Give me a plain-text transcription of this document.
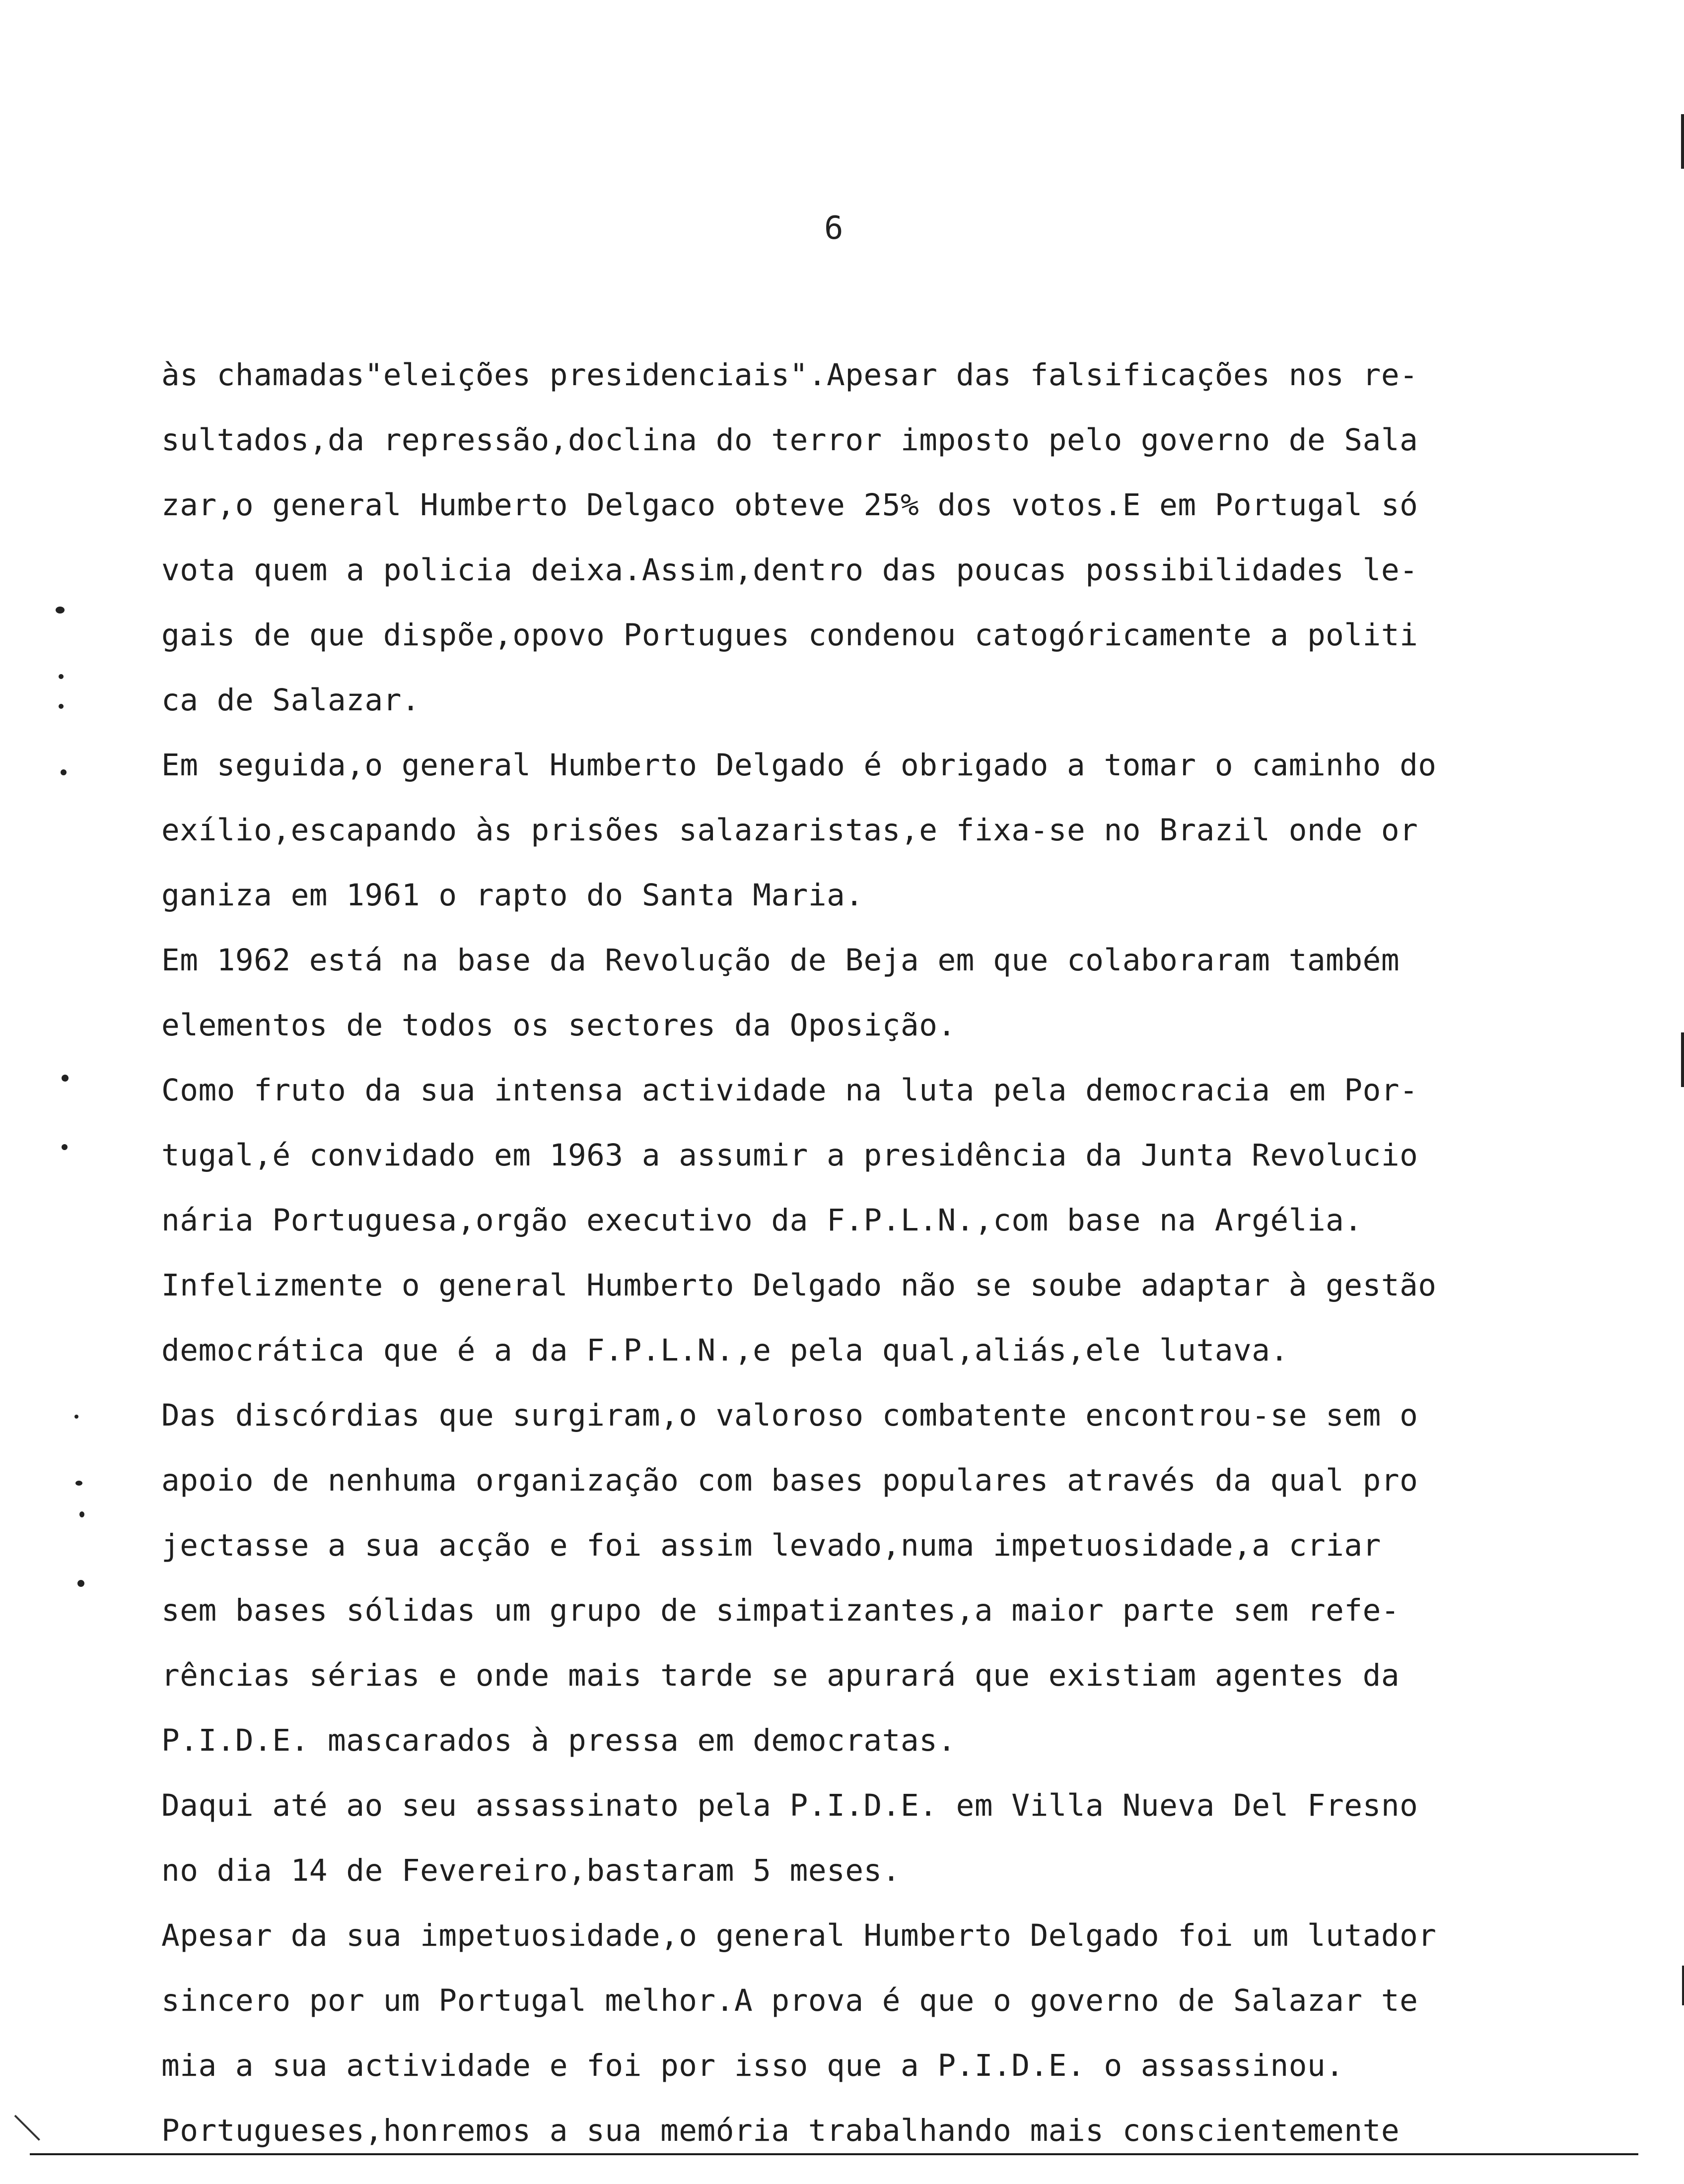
6
às chamadas"eleições presidenciais".Apesar das falsificações nos re-
sultados,da repressão,doclina do terror imposto pelo governo de Sala
zar,o general Humberto Delgaco obteve 25% dos votos.E em Portugal só
vota quem a policia deixa.Assim,dentro das poucas possibilidades le-
gais de que dispõe,opovo Portugues condenou catogóricamente a politi
ca de Salazar.
Em seguida,o general Humberto Delgado é obrigado a tomar o caminho do
exílio,escapando às prisões salazaristas,e fixa-se no Brazil onde or
ganiza em 1961 o rapto do Santa Maria.
Em 1962 está na base da Revolução de Beja em que colaboraram também
elementos de todos os sectores da Oposição.
Como fruto da sua intensa actividade na luta pela democracia em Por-
tugal,é convidado em 1963 a assumir a presidência da Junta Revolucio
nária Portuguesa,orgão executivo da F.P.L.N.,com base na Argélia.
Infelizmente o general Humberto Delgado não se soube adaptar à gestão
democrática que é a da F.P.L.N.,e pela qual,aliás,ele lutava.
Das discórdias que surgiram,o valoroso combatente encontrou-se sem o
apoio de nenhuma organização com bases populares através da qual pro
jectasse a sua acção e foi assim levado,numa impetuosidade,a criar
sem bases sólidas um grupo de simpatizantes,a maior parte sem refe-
rências sérias e onde mais tarde se apurará que existiam agentes da
P.I.D.E. mascarados à pressa em democratas.
Daqui até ao seu assassinato pela P.I.D.E. em Villa Nueva Del Fresno
no dia 14 de Fevereiro,bastaram 5 meses.
Apesar da sua impetuosidade,o general Humberto Delgado foi um lutador
sincero por um Portugal melhor.A prova é que o governo de Salazar te
mia a sua actividade e foi por isso que a P.I.D.E. o assassinou.
Portugueses,honremos a sua memória trabalhando mais conscientemente
